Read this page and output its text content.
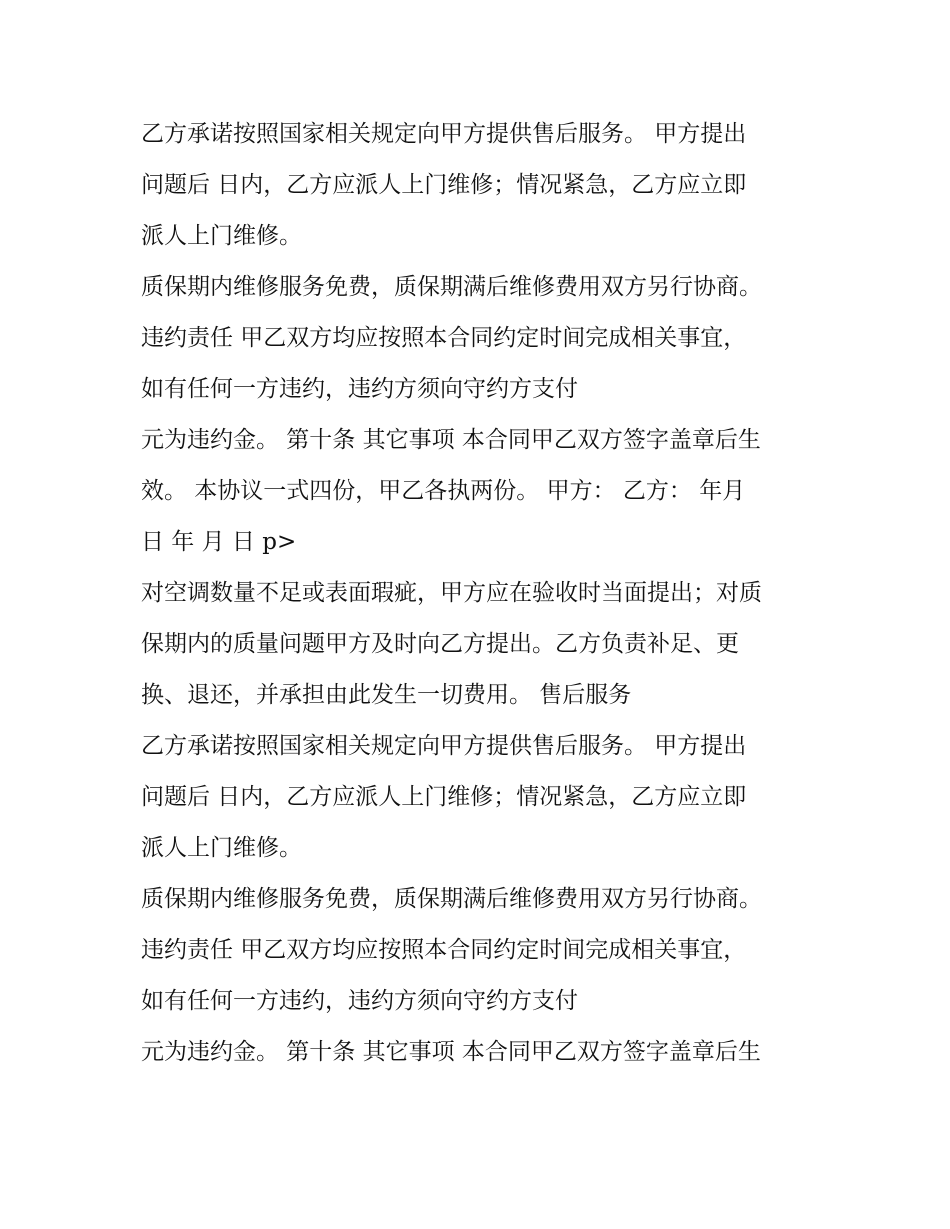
乙方承诺按照国家相关规定向甲方提供售后服务。 甲方提出
问题后 日内，乙方应派人上门维修；情况紧急，乙方应立即
派人上门维修。
质保期内维修服务免费，质保期满后维修费用双方另行协商。
违约责任 甲乙双方均应按照本合同约定时间完成相关事宜，
如有任何一方违约，违约方须向守约方支付
元为违约金。 第十条 其它事项 本合同甲乙双方签字盖章后生
效。 本协议一式四份，甲乙各执两份。 甲方： 乙方： 年月
日 年 月 日 p>
对空调数量不足或表面瑕疵，甲方应在验收时当面提出；对质
保期内的质量问题甲方及时向乙方提出。乙方负责补足、更
换、退还，并承担由此发生一切费用。 售后服务
乙方承诺按照国家相关规定向甲方提供售后服务。 甲方提出
问题后 日内，乙方应派人上门维修；情况紧急，乙方应立即
派人上门维修。
质保期内维修服务免费，质保期满后维修费用双方另行协商。
违约责任 甲乙双方均应按照本合同约定时间完成相关事宜，
如有任何一方违约，违约方须向守约方支付
元为违约金。 第十条 其它事项 本合同甲乙双方签字盖章后生
